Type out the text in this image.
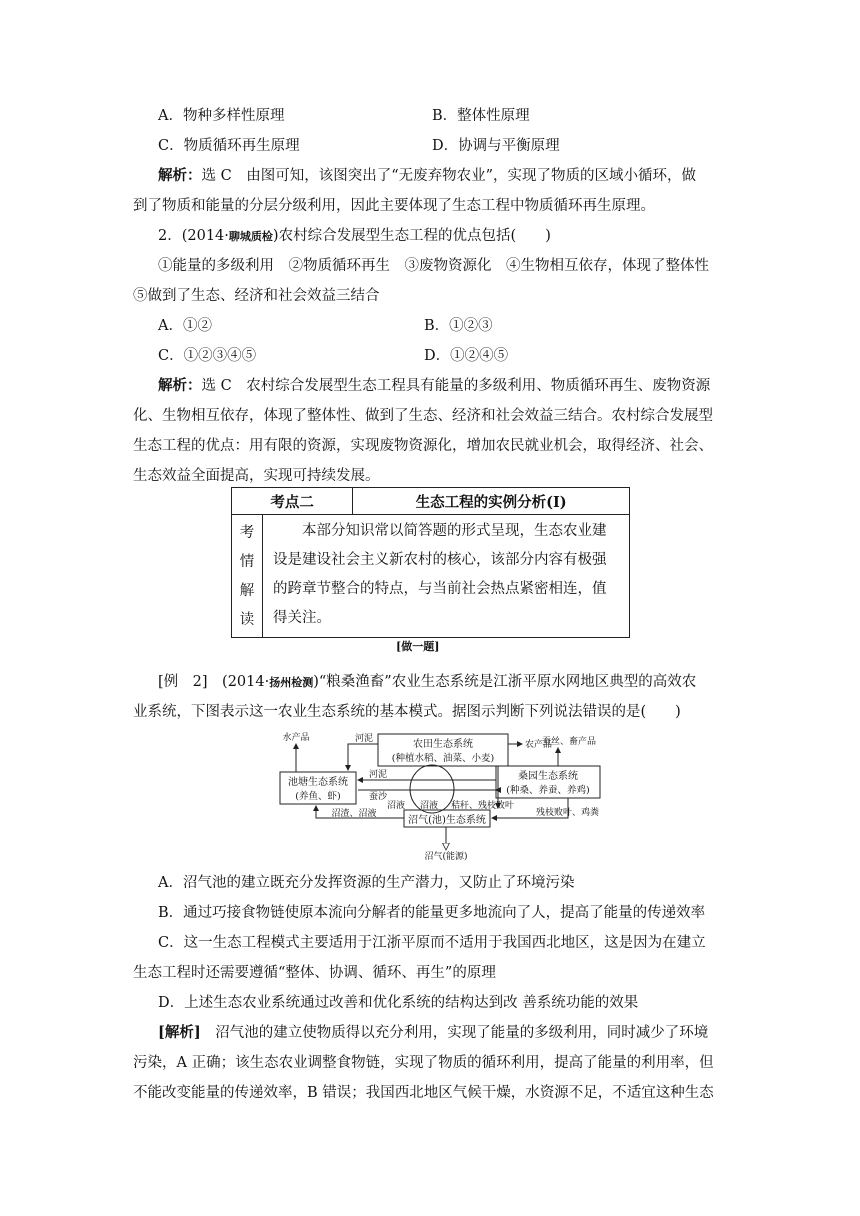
A．物种多样性原理	B．整体性原理
C．物质循环再生原理	D．协调与平衡原理
解析：选 C　由图可知，该图突出了“无废弃物农业”，实现了物质的区域小循环，做
到了物质和能量的分层分级利用，因此主要体现了生态工程中物质循环再生原理。
2．(2014·聊城质检)农村综合发展型生态工程的优点包括(　　)
①能量的多级利用　②物质循环再生　③废物资源化　④生物相互依存，体现了整体性
⑤做到了生态、经济和社会效益三结合
A．①②	B．①②③
C．①②③④⑤	D．①②④⑤
解析：选 C　农村综合发展型生态工程具有能量的多级利用、物质循环再生、废物资源
化、生物相互依存，体现了整体性、做到了生态、经济和社会效益三结合。农村综合发展型
生态工程的优点：用有限的资源，实现废物资源化，增加农民就业机会，取得经济、社会、
生态效益全面提高，实现可持续发展。
考点二		生态工程的实例分析(Ⅰ)

考
情
解
读	本部分知识常以简答题的形式呈现，生态农业建设是建设社会主义新农村的核心，该部分内容有极强的跨章节整合的特点，与当前社会热点紧密相连，值得关注。	
[做一题]
[例　2]　 (2014·扬州检测)“粮桑渔畜”农业生态系统是江浙平原水网地区典型的高效农
业系统，下图表示这一农业生态系统的基本模式。据图示判断下列说法错误的是(　　)
农田生态系统
(种植水稻、油菜、小麦)
池塘生态系统
(养鱼、虾)
桑园生态系统
(种桑、养蚕、养鸡)
沼气(池)生态系统
水产品
农产品
蚕丝、畜产品
河泥
河泥
蚕沙
沼液 沼液 秸秆、残枝败叶
沼渣、沼液	残枝败叶、鸡粪
沼气(能源)
A．沼气池的建立既充分发挥资源的生产潜力，又防止了环境污染
B．通过巧接食物链使原本流向分解者的能量更多地流向了人，提高了能量的传递效率
C．这一生态工程模式主要适用于江浙平原而不适用于我国西北地区，这是因为在建立
生态工程时还需要遵循“整体、协调、循环、再生”的原理
D．上述生态农业系统通过改善和优化系统的结构达到改 善系统功能的效果
[解析]　沼气池的建立使物质得以充分利用，实现了能量的多级利用，同时减少了环境
污染，A 正确；该生态农业调整食物链，实现了物质的循环利用，提高了能量的利用率，但
不能改变能量的传递效率，B 错误；我国西北地区气候干燥，水资源不足，不适宜这种生态
